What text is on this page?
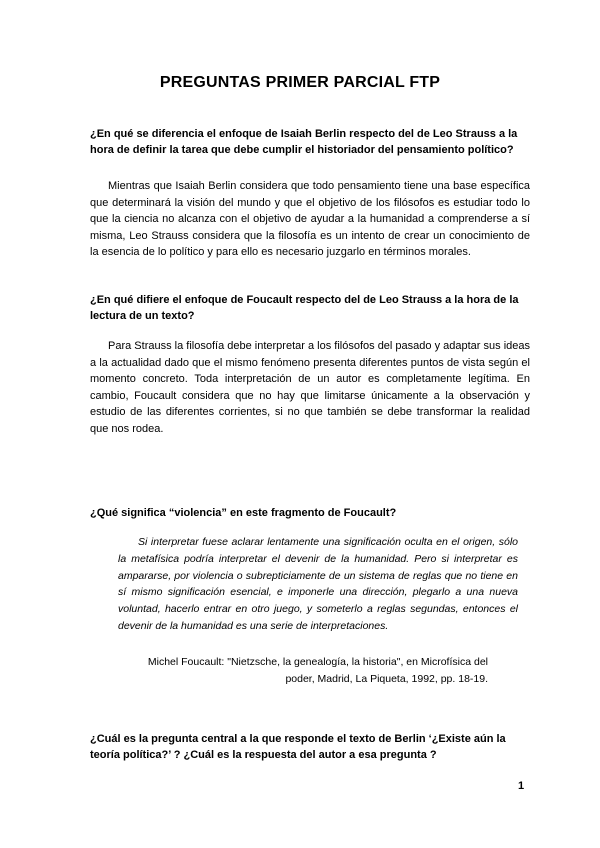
PREGUNTAS PRIMER PARCIAL FTP
¿En qué se diferencia el enfoque de Isaiah Berlin respecto del de Leo Strauss a la hora de definir la tarea que debe cumplir el historiador del pensamiento político?
Mientras que Isaiah Berlin considera que todo pensamiento tiene una base específica que determinará la visión del mundo y que el objetivo de los filósofos es estudiar todo lo que la ciencia no alcanza con el objetivo de ayudar a la humanidad a comprenderse a sí misma, Leo Strauss considera que la filosofía es un intento de crear un conocimiento de la esencia de lo político y para ello es necesario juzgarlo en términos morales.
¿En qué difiere el enfoque de Foucault respecto del de Leo Strauss a la hora de la lectura de un texto?
Para Strauss la filosofía debe interpretar a los filósofos del pasado y adaptar sus ideas a la actualidad dado que el mismo fenómeno presenta diferentes puntos de vista según el momento concreto. Toda interpretación de un autor es completamente legítima. En cambio, Foucault considera que no hay que limitarse únicamente a la observación y estudio de las diferentes corrientes, si no que también se debe transformar la realidad que nos rodea.
¿Qué significa “violencia” en este fragmento de Foucault?
Si interpretar fuese aclarar lentamente una significación oculta en el origen, sólo la metafísica podría interpretar el devenir de la humanidad. Pero si interpretar es ampararse, por violencia o subrepticiamente de un sistema de reglas que no tiene en sí mismo significación esencial, e imponerle una dirección, plegarlo a una nueva voluntad, hacerlo entrar en otro juego, y someterlo a reglas segundas, entonces el devenir de la humanidad es una serie de interpretaciones.
Michel Foucault: "Nietzsche, la genealogía, la historia", en Microfísica del poder, Madrid, La Piqueta, 1992, pp. 18-19.
¿Cuál es la pregunta central a la que responde el texto de Berlin ‘¿Existe aún la teoría política?’ ? ¿Cuál es la respuesta del autor a esa pregunta ?
1
